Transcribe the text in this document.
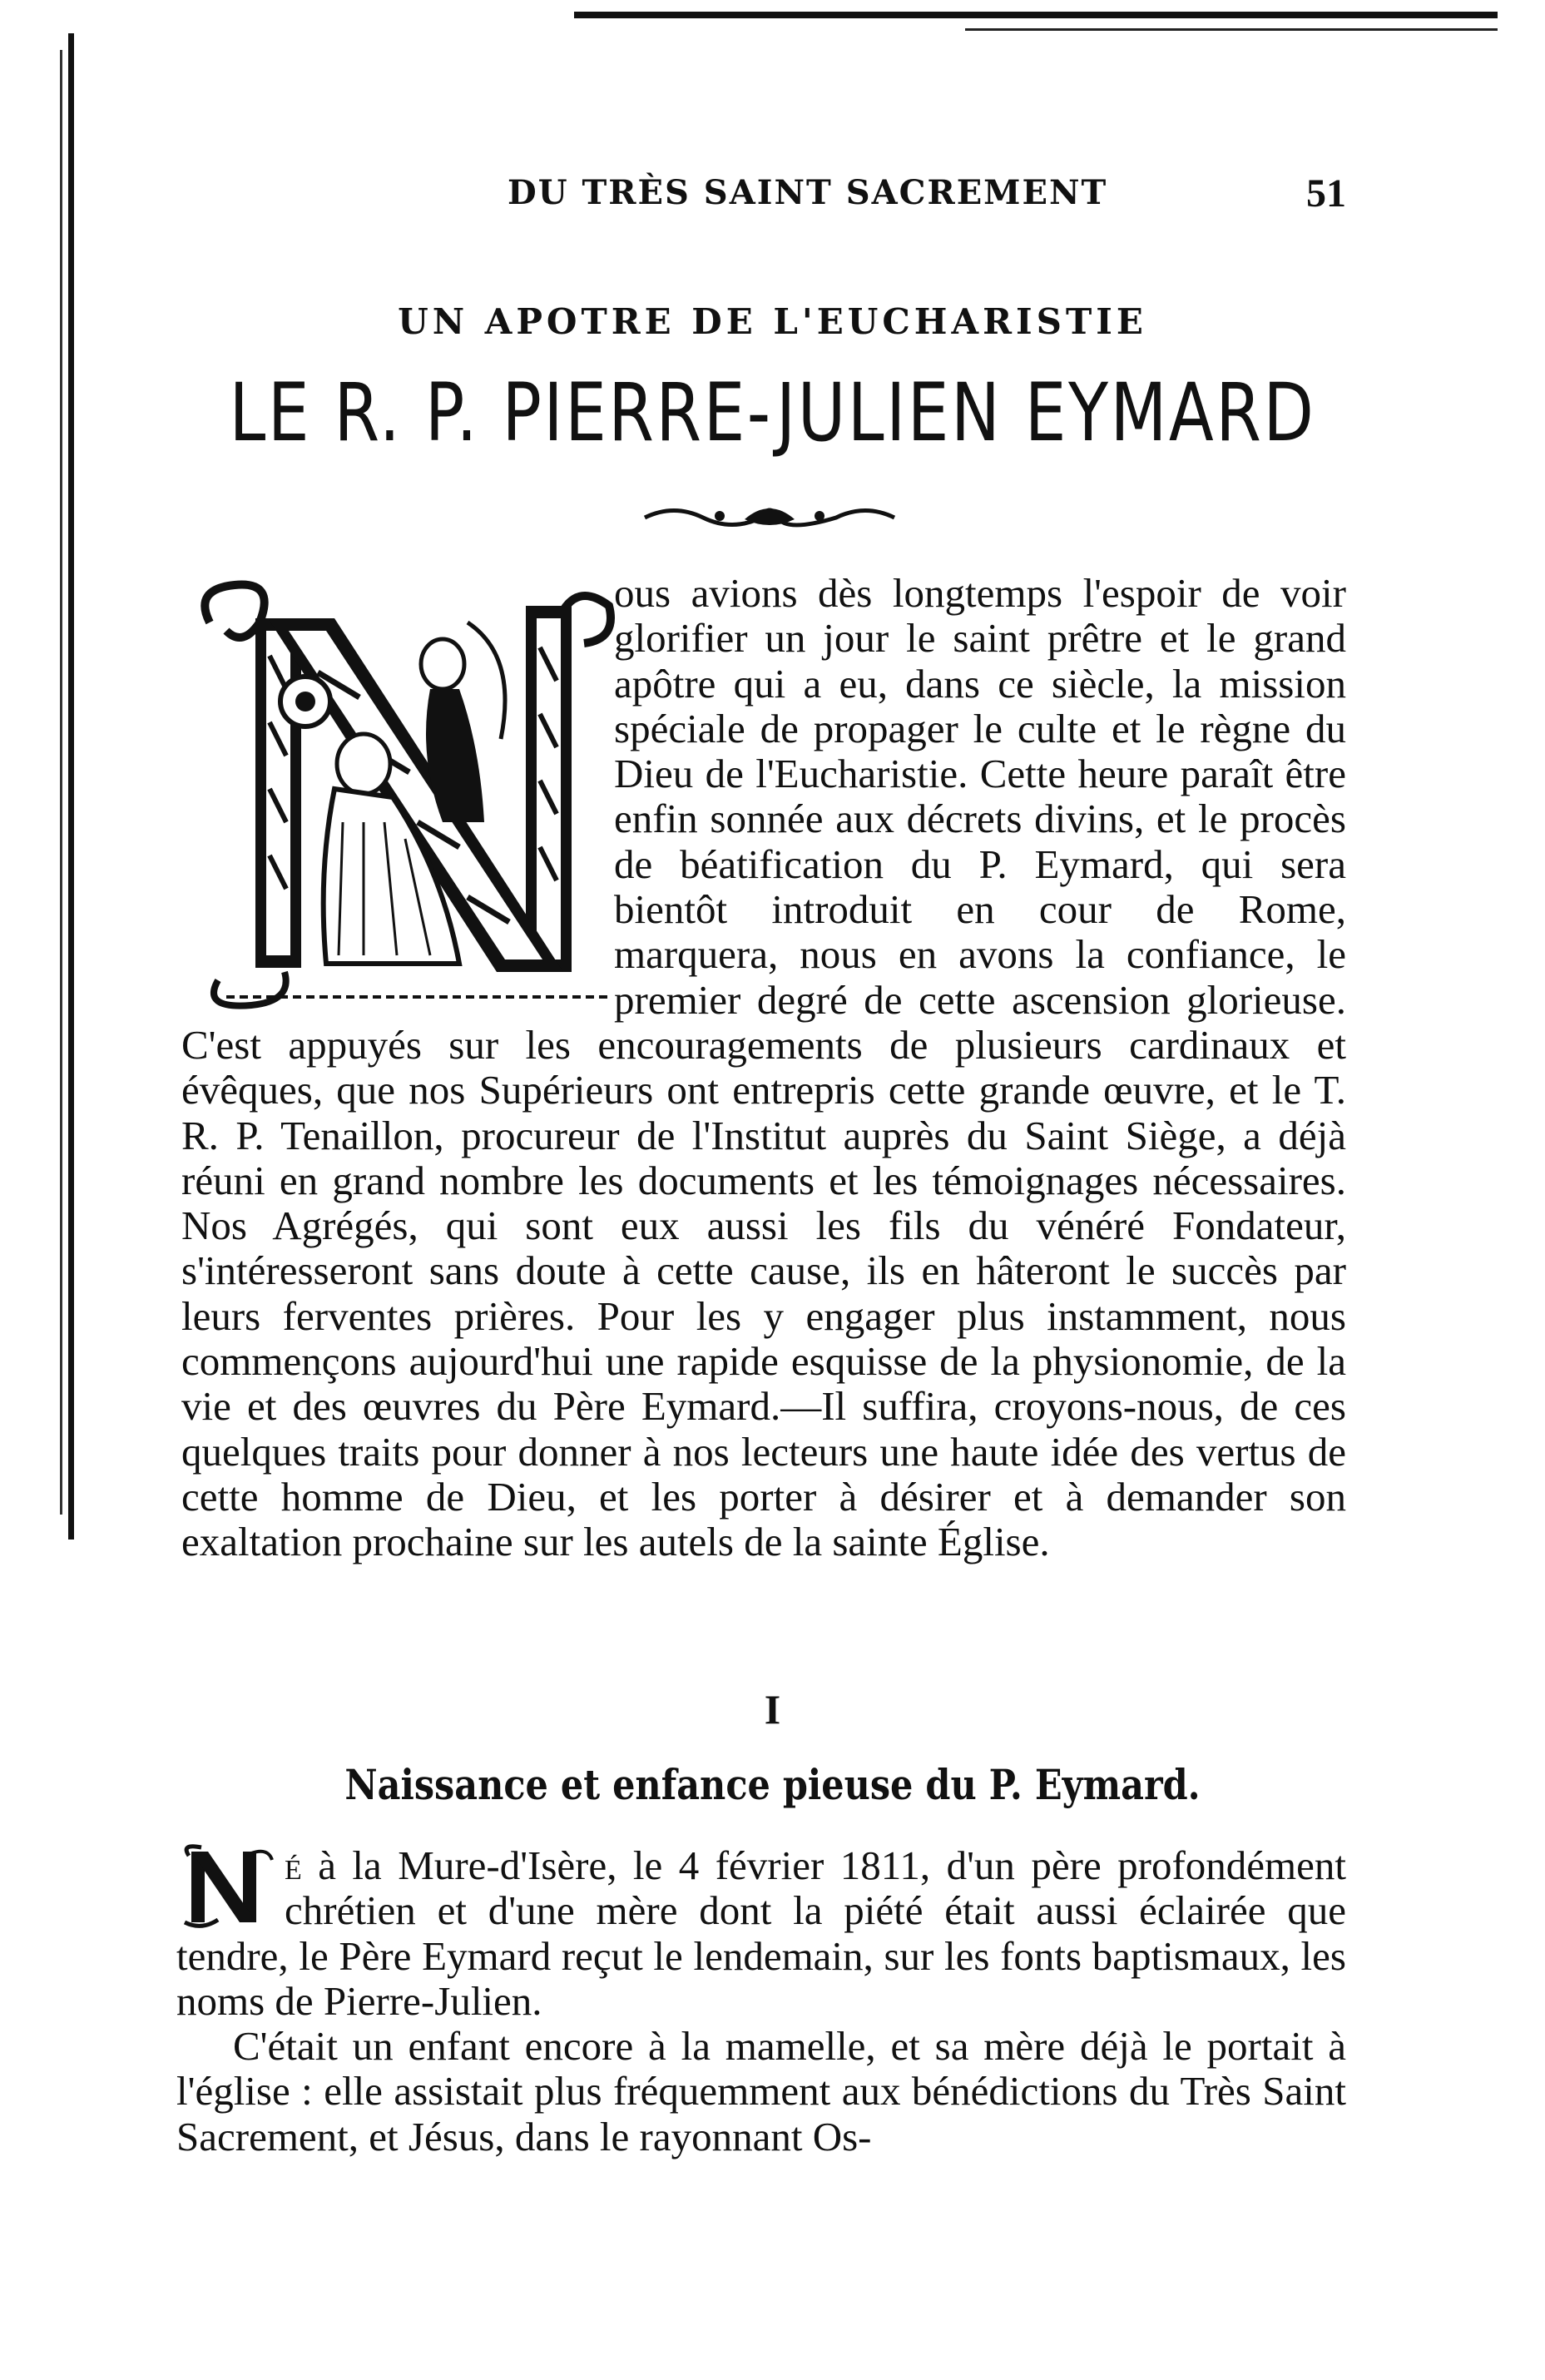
DU TRÈS SAINT SACREMENT	51
UN APOTRE DE L'EUCHARISTIE
LE R. P. PIERRE-JULIEN EYMARD
ous avions dès longtemps l'espoir de voir glorifier un jour le saint prêtre et le grand apôtre qui a eu, dans ce siècle, la mission spéciale de propager le culte et le règne du Dieu de l'Eucharistie. Cette heure paraît être enfin sonnée aux décrets divins, et le procès de béatification du P. Eymard, qui sera bientôt introduit en cour de Rome, marquera, nous en avons la confiance, le premier degré de cette ascension glorieuse. C'est appuyés sur les encouragements de plusieurs cardinaux et évêques, que nos Supérieurs ont entrepris cette grande œuvre, et le T. R. P. Tenaillon, procureur de l'Institut auprès du Saint Siège, a déjà réuni en grand nombre les documents et les témoignages nécessaires. Nos Agrégés, qui sont eux aussi les fils du vénéré Fondateur, s'intéresseront sans doute à cette cause, ils en hâteront le succès par leurs ferventes prières. Pour les y engager plus instamment, nous commençons aujourd'hui une rapide esquisse de la physionomie, de la vie et des œuvres du Père Eymard.—Il suffira, croyons-nous, de ces quelques traits pour donner à nos lecteurs une haute idée des vertus de cette homme de Dieu, et les porter à désirer et à demander son exaltation prochaine sur les autels de la sainte Église.
I
Naissance et enfance pieuse du P. Eymard.

é à la Mure-d'Isère, le 4 février 1811, d'un père profondément chrétien et d'une mère dont la piété était aussi éclairée que tendre, le Père Eymard reçut le lendemain, sur les fonts baptismaux, les noms de Pierre-Julien.

C'était un enfant encore à la mamelle, et sa mère déjà le portait à l'église : elle assistait plus fréquemment aux bénédictions du Très Saint Sacrement, et Jésus, dans le rayonnant Os-
